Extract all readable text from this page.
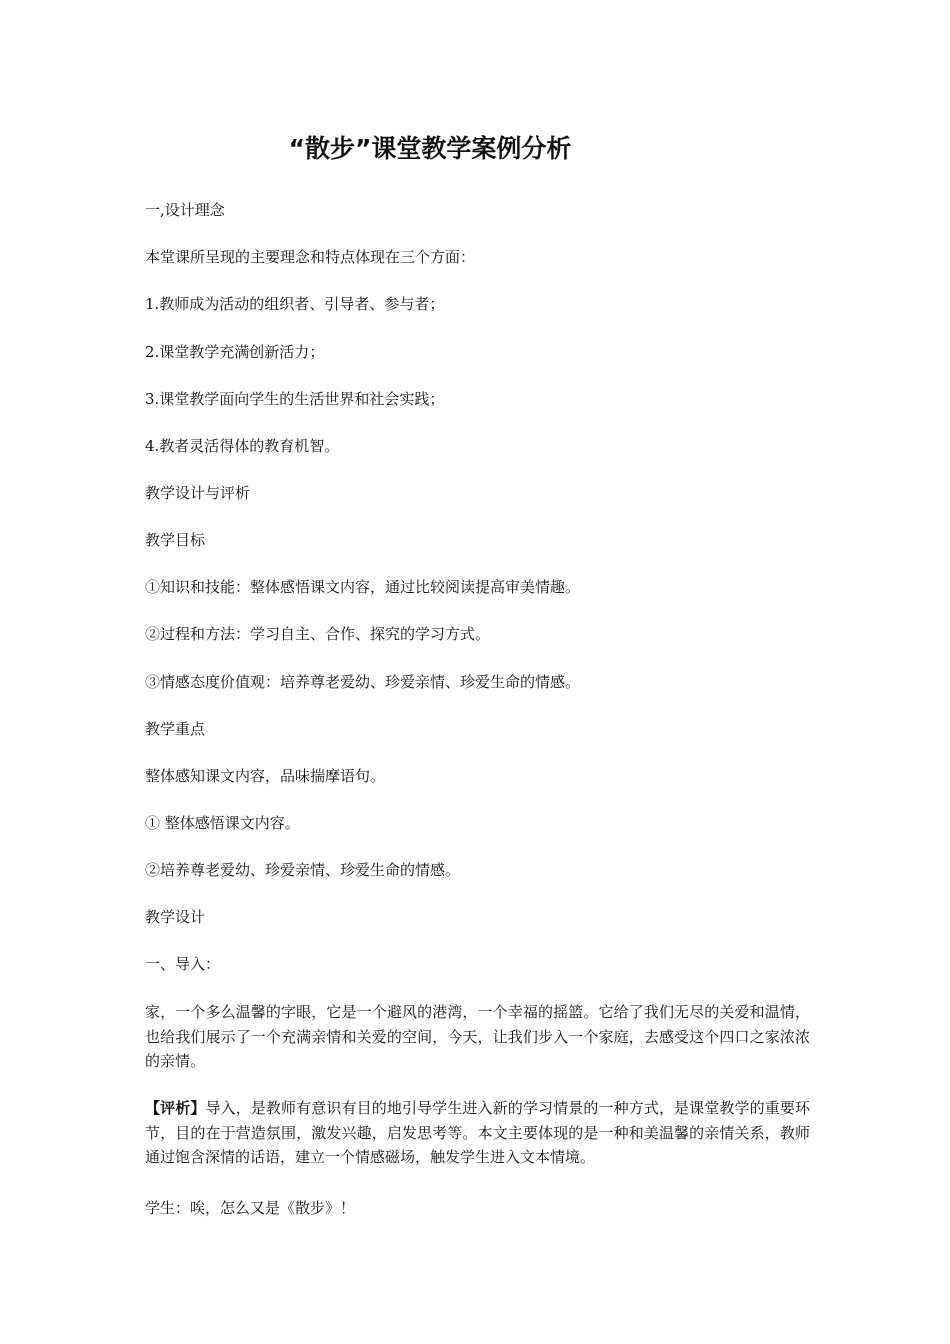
“散步”课堂教学案例分析

一,设计理念

本堂课所呈现的主要理念和特点体现在三个方面：

1.教师成为活动的组织者、引导者、参与者；

2.课堂教学充满创新活力；

3.课堂教学面向学生的生活世界和社会实践；

4.教者灵活得体的教育机智。

教学设计与评析

教学目标

①知识和技能：整体感悟课文内容，通过比较阅读提高审美情趣。

②过程和方法：学习自主、合作、探究的学习方式。

③情感态度价值观：培养尊老爱幼、珍爱亲情、珍爱生命的情感。

教学重点

整体感知课文内容，品味揣摩语句。

① 整体感悟课文内容。

②培养尊老爱幼、珍爱亲情、珍爱生命的情感。

教学设计

一、导入：

家，一个多么温馨的字眼，它是一个避风的港湾，一个幸福的摇篮。它给了我们无尽的关爱和温情，也给我们展示了一个充满亲情和关爱的空间，今天，让我们步入一个家庭，去感受这个四口之家浓浓的亲情。

【评析】导入，是教师有意识有目的地引导学生进入新的学习情景的一种方式，是课堂教学的重要环节，目的在于营造氛围，激发兴趣，启发思考等。本文主要体现的是一种和美温馨的亲情关系，教师通过饱含深情的话语，建立一个情感磁场，触发学生进入文本情境。

学生：唉，怎么又是《散步》！
